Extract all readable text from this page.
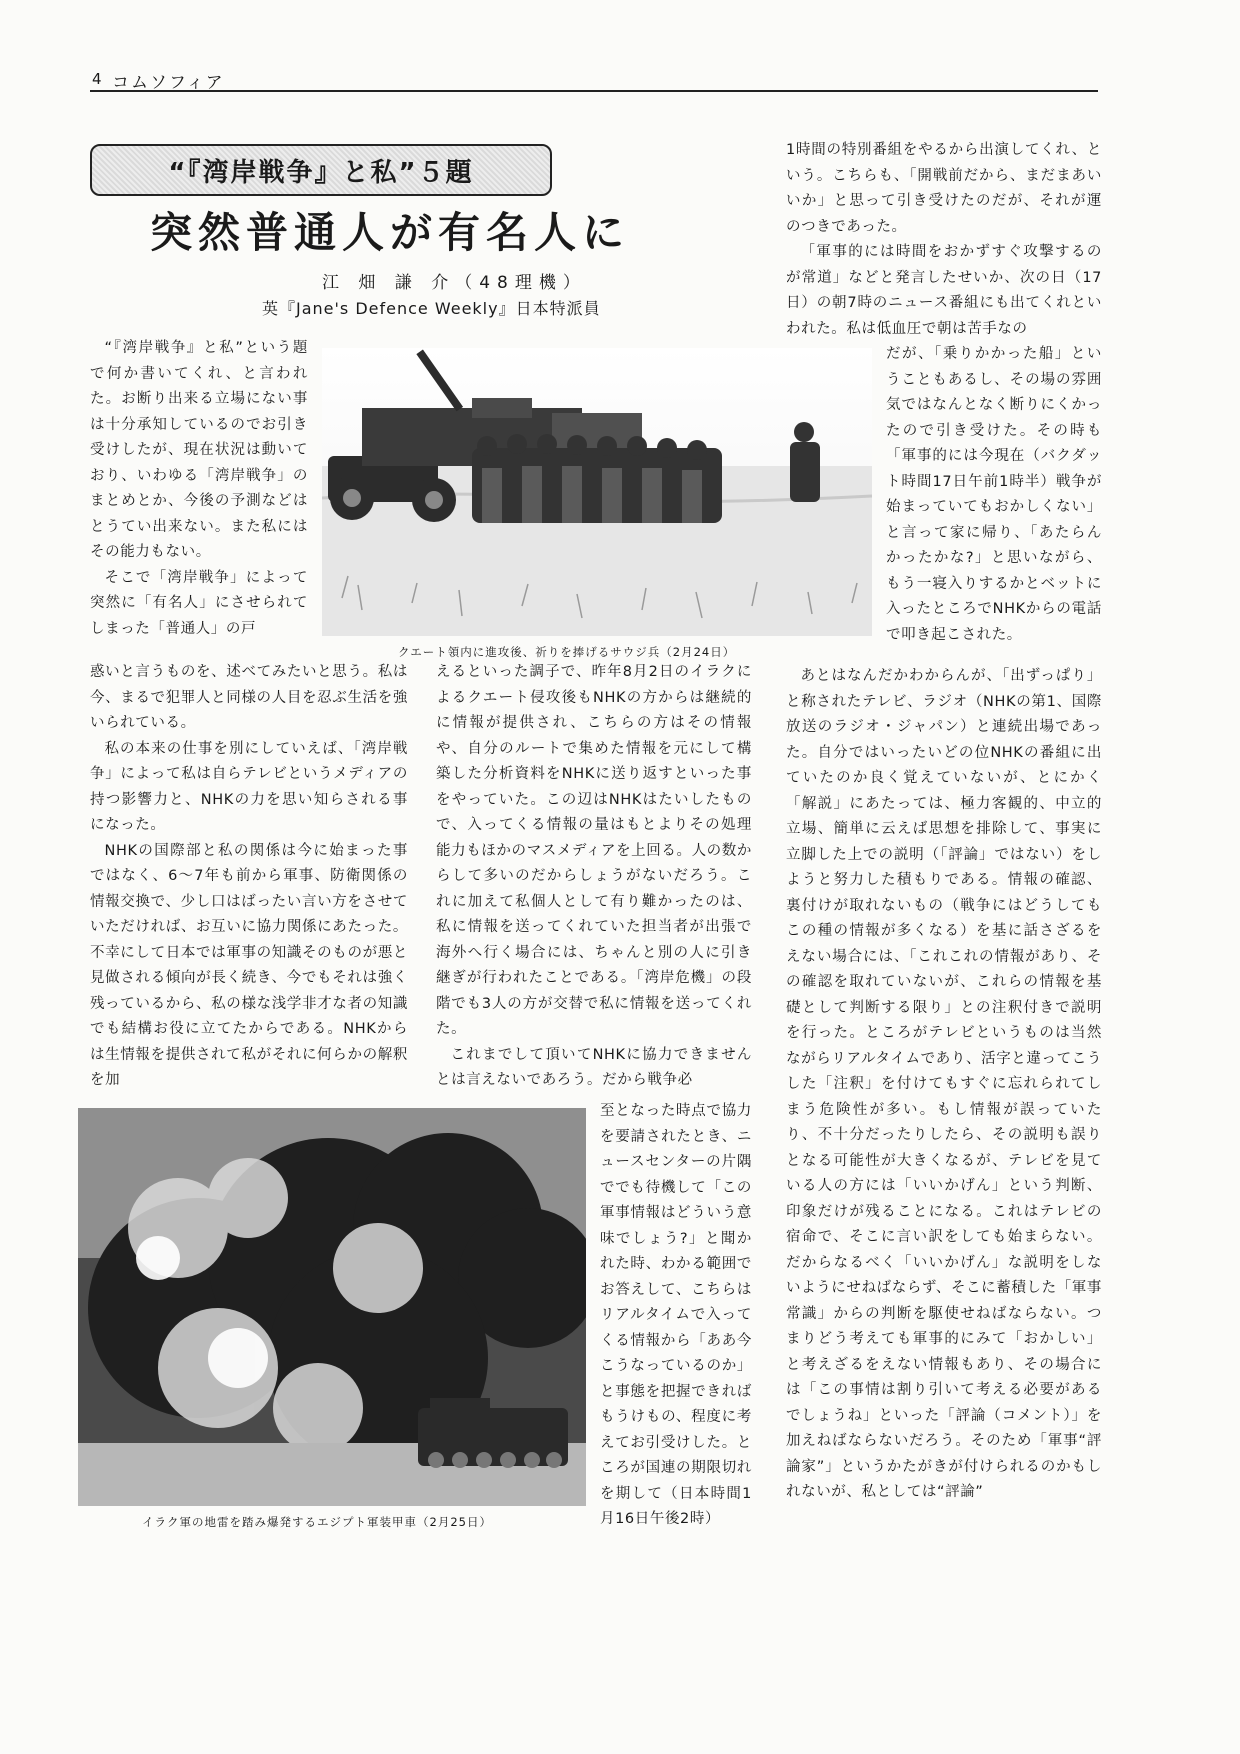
4 コムソフィア
“『湾岸戦争』と私”５題
突然普通人が有名人に
江 畑 謙 介（48理機）
英『Jane's Defence Weekly』日本特派員
クエート領内に進攻後、祈りを捧げるサウジ兵（2月24日）
イラク軍の地雷を踏み爆発するエジプト軍装甲車（2月25日）

“『湾岸戦争』と私”という題で何か書いてくれ、と言われた。お断り出来る立場にない事は十分承知しているのでお引き受けしたが、現在状況は動いており、いわゆる「湾岸戦争」のまとめとか、今後の予測などはとうてい出来ない。また私にはその能力もない。

そこで「湾岸戦争」によって突然に「有名人」にさせられてしまった「普通人」の戸

惑いと言うものを、述べてみたいと思う。私は今、まるで犯罪人と同様の人目を忍ぶ生活を強いられている。

私の本来の仕事を別にしていえば、「湾岸戦争」によって私は自らテレビというメディアの持つ影響力と、NHKの力を思い知らされる事になった。

NHKの国際部と私の関係は今に始まった事ではなく、6〜7年も前から軍事、防衛関係の情報交換で、少し口はばったい言い方をさせていただければ、お互いに協力関係にあたった。不幸にして日本では軍事の知識そのものが悪と見做される傾向が長く続き、今でもそれは強く残っているから、私の様な浅学非才な者の知識でも結構お役に立てたからである。NHKからは生情報を提供されて私がそれに何らかの解釈を加

えるといった調子で、昨年8月2日のイラクによるクエート侵攻後もNHKの方からは継続的に情報が提供され、こちらの方はその情報や、自分のルートで集めた情報を元にして構築した分析資料をNHKに送り返すといった事をやっていた。この辺はNHKはたいしたもので、入ってくる情報の量はもとよりその処理能力もほかのマスメディアを上回る。人の数からして多いのだからしょうがないだろう。これに加えて私個人として有り難かったのは、私に情報を送ってくれていた担当者が出張で海外へ行く場合には、ちゃんと別の人に引き継ぎが行われたことである。「湾岸危機」の段階でも3人の方が交替で私に情報を送ってくれた。

これまでして頂いてNHKに協力できませんとは言えないであろう。だから戦争必

至となった時点で協力を要請されたとき、ニュースセンターの片隅ででも待機して「この軍事情報はどういう意味でしょう?」と聞かれた時、わかる範囲でお答えして、こちらはリアルタイムで入ってくる情報から「ああ今こうなっているのか」と事態を把握できればもうけもの、程度に考えてお引受けした。ところが国連の期限切れを期して（日本時間1月16日午後2時）

1時間の特別番組をやるから出演してくれ、という。こちらも、「開戦前だから、まだまあいいか」と思って引き受けたのだが、それが運のつきであった。

「軍事的には時間をおかずすぐ攻撃するのが常道」などと発言したせいか、次の日（17日）の朝7時のニュース番組にも出てくれといわれた。私は低血圧で朝は苦手なの

だが、「乗りかかった船」ということもあるし、その場の雰囲気ではなんとなく断りにくかったので引き受けた。その時も「軍事的には今現在（バクダット時間17日午前1時半）戦争が始まっていてもおかしくない」と言って家に帰り、「あたらんかったかな?」と思いながら、もう一寝入りするかとベットに入ったところでNHKからの電話で叩き起こされた。

あとはなんだかわからんが、「出ずっぱり」と称されたテレビ、ラジオ（NHKの第1、国際放送のラジオ・ジャパン）と連続出場であった。自分ではいったいどの位NHKの番組に出ていたのか良く覚えていないが、とにかく「解説」にあたっては、極力客観的、中立的立場、簡単に云えば思想を排除して、事実に立脚した上での説明（「評論」ではない）をしようと努力した積もりである。情報の確認、裏付けが取れないもの（戦争にはどうしてもこの種の情報が多くなる）を基に話さざるをえない場合には、「これこれの情報があり、その確認を取れていないが、これらの情報を基礎として判断する限り」との注釈付きで説明を行った。ところがテレビというものは当然ながらリアルタイムであり、活字と違ってこうした「注釈」を付けてもすぐに忘れられてしまう危険性が多い。もし情報が誤っていたり、不十分だったりしたら、その説明も誤りとなる可能性が大きくなるが、テレビを見ている人の方には「いいかげん」という判断、印象だけが残ることになる。これはテレビの宿命で、そこに言い訳をしても始まらない。だからなるべく「いいかげん」な説明をしないようにせねばならず、そこに蓄積した「軍事常識」からの判断を駆使せねばならない。つまりどう考えても軍事的にみて「おかしい」と考えざるをえない情報もあり、その場合には「この事情は割り引いて考える必要があるでしょうね」といった「評論（コメント）」を加えねばならないだろう。そのため「軍事“評論家”」というかたがきが付けられるのかもしれないが、私としては“評論”
